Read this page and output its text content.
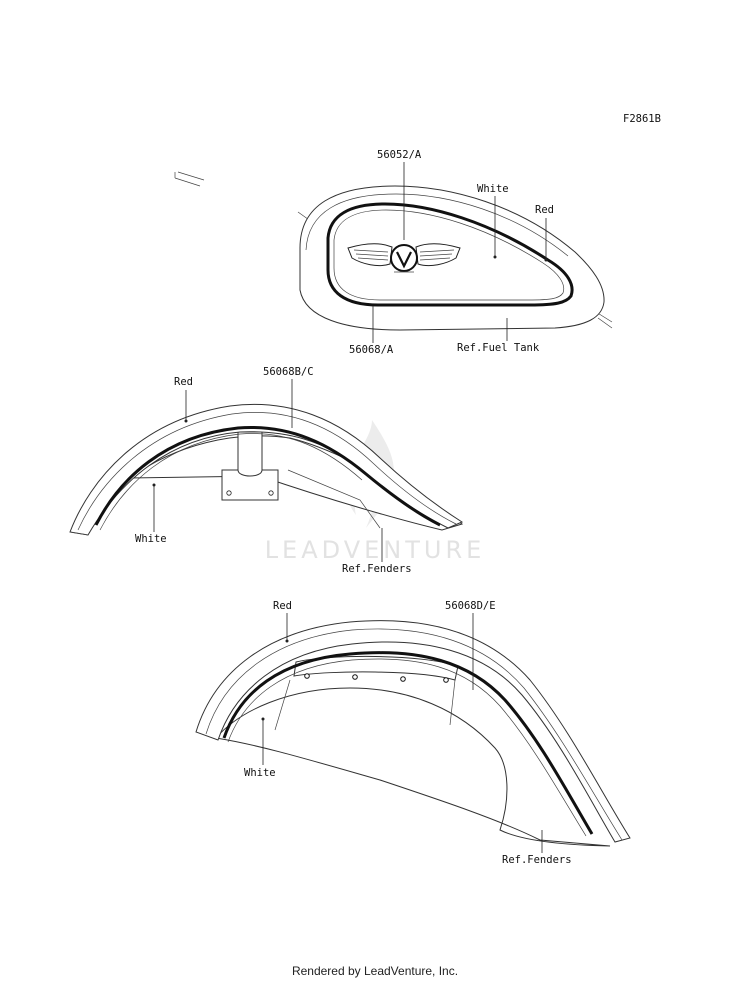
LEADVENTURE
F2861B
56052/A
White
Red
56068/A	Ref.Fuel Tank
Red
56068B/C
White
Ref.Fenders
Red	56068D/E
White
Ref.Fenders
Rendered by LeadVenture, Inc.
